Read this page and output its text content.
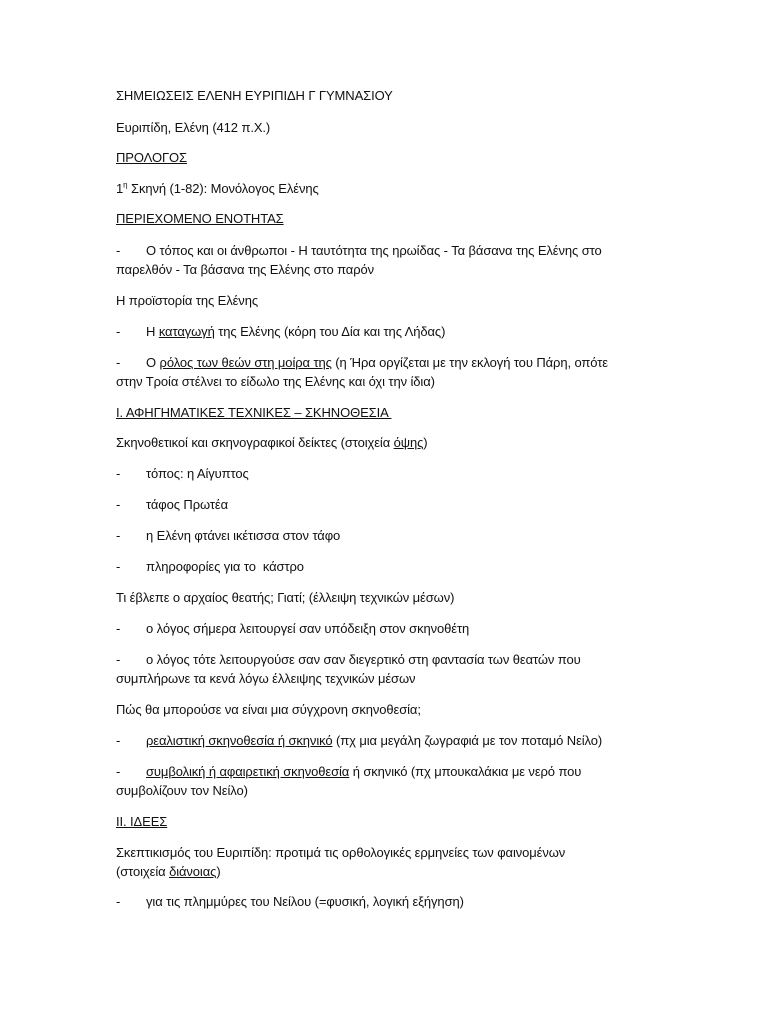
ΣΗΜΕΙΩΣΕΙΣ ΕΛΕΝΗ ΕΥΡΙΠΙΔΗ Γ ΓΥΜΝΑΣΙΟΥ
Ευριπίδη, Ελένη (412 π.Χ.)
ΠΡΟΛΟΓΟΣ
$1^\eta$ Σκηνή (1-82): Μονόλογος Ελένης
ΠΕΡΙΕΧΟΜΕΝΟ ΕΝΟΤΗΤΑΣ
- Ο τόπος και οι άνθρωποι - Η ταυτότητα της ηρωίδας - Τα βάσανα της Ελένης στο
παρελθόν - Τα βάσανα της Ελένης στο παρόν
Η προϊστορία της Ελένης
- Η καταγωγή της Ελένης (κόρη του Δία και της Λήδας)
- Ο ρόλος των θεών στη μοίρα της (η Ήρα οργίζεται με την εκλογή του Πάρη, οπότε
στην Τροία στέλνει το είδωλο της Ελένης και όχι την ίδια)
Ι. ΑΦΗΓΗΜΑΤΙΚΕΣ ΤΕΧΝΙΚΕΣ – ΣΚΗΝΟΘΕΣΙΑ
Σκηνοθετικοί και σκηνογραφικοί δείκτες (στοιχεία όψης)
- τόπος: η Αίγυπτος
- τάφος Πρωτέα
- η Ελένη φτάνει ικέτισσα στον τάφο
- πληροφορίες για το  κάστρο
Τι έβλεπε ο αρχαίος θεατής; Γιατί; (έλλειψη τεχνικών μέσων)
- ο λόγος σήμερα λειτουργεί σαν υπόδειξη στον σκηνοθέτη
- ο λόγος τότε λειτουργούσε σαν σαν διεγερτικό στη φαντασία των θεατών που
συμπλήρωνε τα κενά λόγω έλλειψης τεχνικών μέσων
Πώς θα μπορούσε να είναι μια σύγχρονη σκηνοθεσία;
- ρεαλιστική σκηνοθεσία ή σκηνικό (πχ μια μεγάλη ζωγραφιά με τον ποταμό Νείλο)
- συμβολική ή αφαιρετική σκηνοθεσία ή σκηνικό (πχ μπουκαλάκια με νερό που
συμβολίζουν τον Νείλο)
ΙΙ. ΙΔΕΕΣ
Σκεπτικισμός του Ευριπίδη: προτιμά τις ορθολογικές ερμηνείες των φαινομένων
(στοιχεία διάνοιας)
- για τις πλημμύρες του Νείλου (=φυσική, λογική εξήγηση)
